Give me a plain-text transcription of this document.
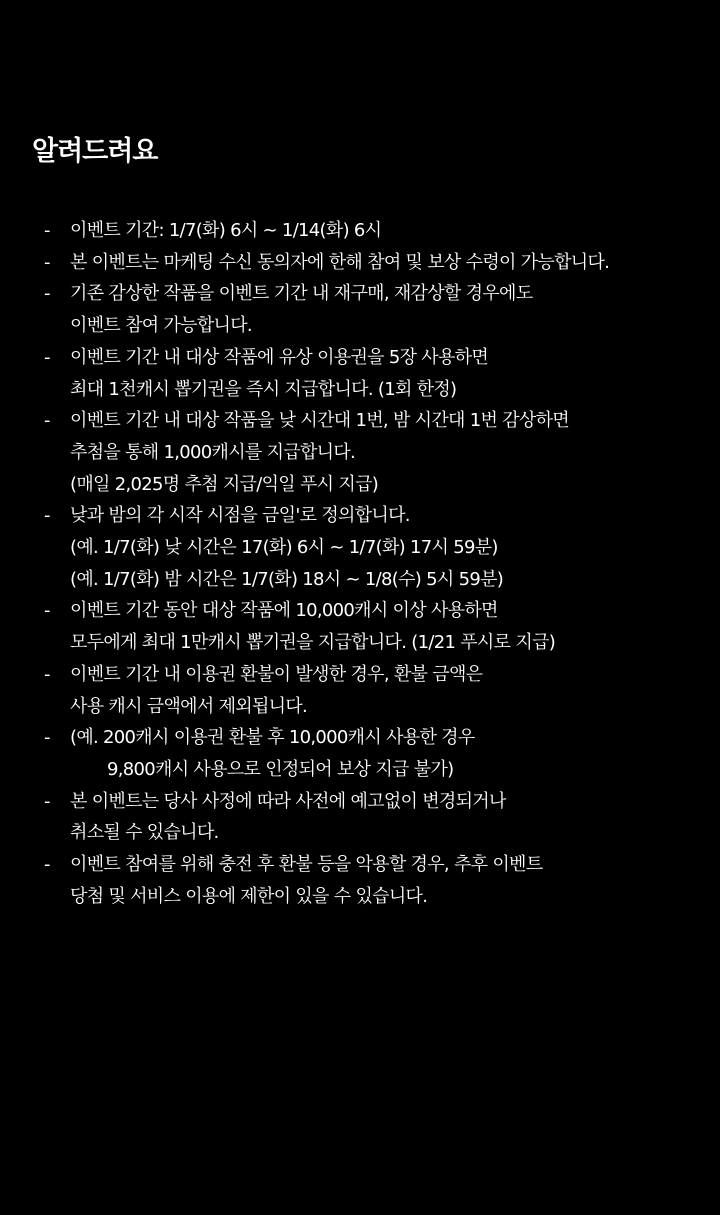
알려드려요
- 이벤트 기간: 1/7(화) 6시 ~ 1/14(화) 6시
- 본 이벤트는 마케팅 수신 동의자에 한해 참여 및 보상 수령이 가능합니다.
- 기존 감상한 작품을 이벤트 기간 내 재구매, 재감상할 경우에도
이벤트 참여 가능합니다.
- 이벤트 기간 내 대상 작품에 유상 이용권을 5장 사용하면
최대 1천캐시 뽑기권을 즉시 지급합니다. (1회 한정)
- 이벤트 기간 내 대상 작품을 낮 시간대 1번, 밤 시간대 1번 감상하면
추첨을 통해 1,000캐시를 지급합니다.
(매일 2,025명 추첨 지급/익일 푸시 지급)
- 낮과 밤의 각 시작 시점을 금일'로 정의합니다.
(예. 1/7(화) 낮 시간은 17(화) 6시 ~ 1/7(화) 17시 59분)
(예. 1/7(화) 밤 시간은 1/7(화) 18시 ~ 1/8(수) 5시 59분)
- 이벤트 기간 동안 대상 작품에 10,000캐시 이상 사용하면
모두에게 최대 1만캐시 뽑기권을 지급합니다. (1/21 푸시로 지급)
- 이벤트 기간 내 이용권 환불이 발생한 경우, 환불 금액은
사용 캐시 금액에서 제외됩니다.
- (예. 200캐시 이용권 환불 후 10,000캐시 사용한 경우
9,800캐시 사용으로 인정되어 보상 지급 불가)
- 본 이벤트는 당사 사정에 따라 사전에 예고없이 변경되거나
취소될 수 있습니다.
- 이벤트 참여를 위해 충전 후 환불 등을 악용할 경우, 추후 이벤트
당첨 및 서비스 이용에 제한이 있을 수 있습니다.
